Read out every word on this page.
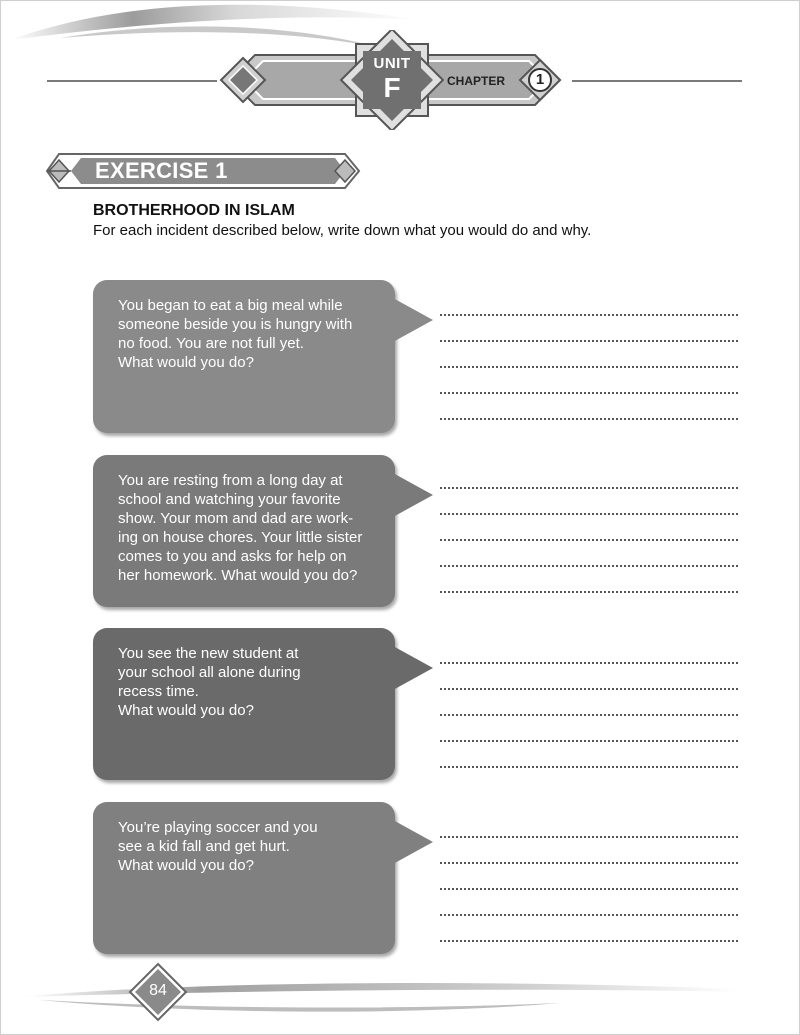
UNIT
F	CHAPTER	1
EXERCISE 1
BROTHERHOOD IN ISLAM
For each incident described below, write down what you would do and why.
You began to eat a big meal while
someone beside you is hungry with
no food. You are not full yet.
What would you do?
You are resting from a long day at
school and watching your favorite
show. Your mom and dad are work-
ing on house chores. Your little sister
comes to you and asks for help on
her homework. What would you do?
You see the new student at
your school all alone during
recess time.
What would you do?
You’re playing soccer and you
see a kid fall and get hurt.
What would you do?
84
